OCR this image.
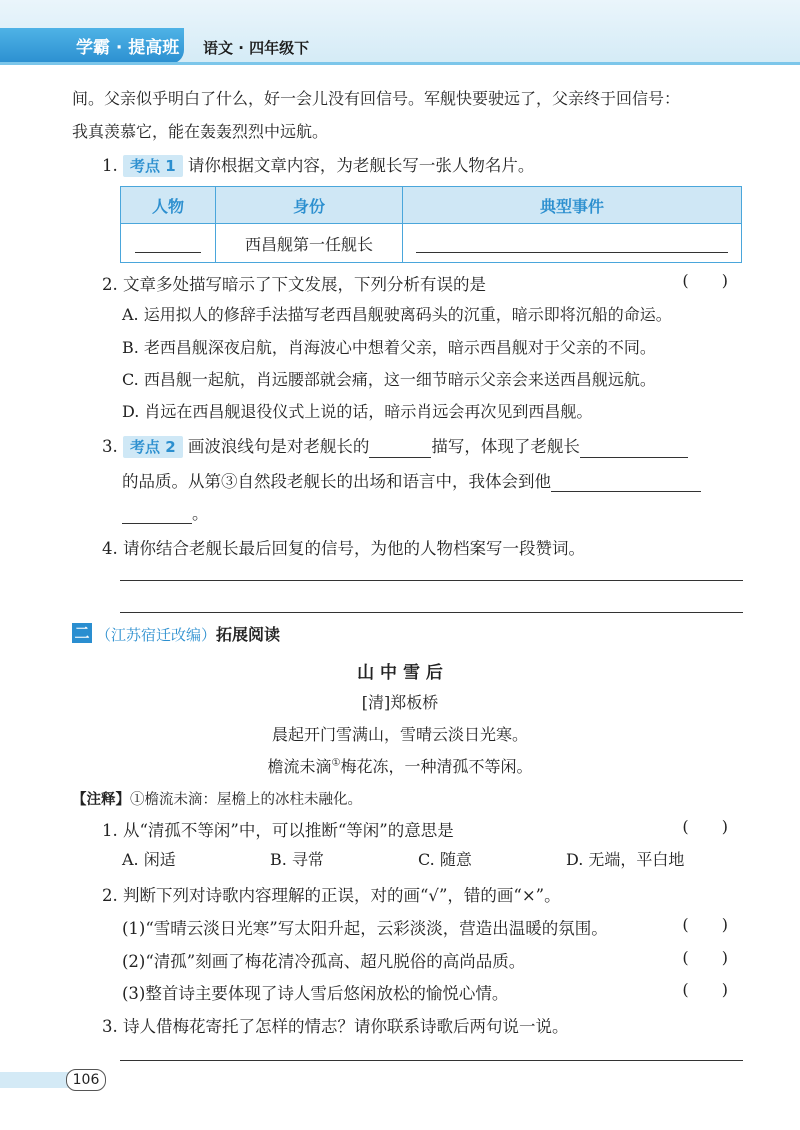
学霸 · 提高班 语文 · 四年级下
间。父亲似乎明白了什么，好一会儿没有回信号。军舰快要驶远了，父亲终于回信号：
我真羡慕它，能在轰轰烈烈中远航。
1. 考点 1 请你根据文章内容，为老舰长写一张人物名片。
人物	身份	典型事件
	西昌舰第一任舰长	
2. 文章多处描写暗示了下文发展，下列分析有误的是	( )
A. 运用拟人的修辞手法描写老西昌舰驶离码头的沉重，暗示即将沉船的命运。
B. 老西昌舰深夜启航，肖海波心中想着父亲，暗示西昌舰对于父亲的不同。
C. 西昌舰一起航，肖远腰部就会痛，这一细节暗示父亲会来送西昌舰远航。
D. 肖远在西昌舰退役仪式上说的话，暗示肖远会再次见到西昌舰。
3. 考点 2 画波浪线句是对老舰长的	描写，体现了老舰长
的品质。从第③自然段老舰长的出场和语言中，我体会到他
。
4. 请你结合老舰长最后回复的信号，为他的人物档案写一段赞词。
二 （江苏宿迁改编）拓展阅读
山 中 雪 后
[清]郑板桥
晨起开门雪满山，雪晴云淡日光寒。
檐流未滴①梅花冻，一种清孤不等闲。
【注释】①檐流未滴：屋檐上的冰柱未融化。
1. 从“清孤不等闲”中，可以推断“等闲”的意思是	( )
A. 闲适	B. 寻常	C. 随意	D. 无端，平白地
2. 判断下列对诗歌内容理解的正误，对的画“√”，错的画“×”。
(1)“雪晴云淡日光寒”写太阳升起，云彩淡淡，营造出温暖的氛围。	( )
(2)“清孤”刻画了梅花清冷孤高、超凡脱俗的高尚品质。	( )
(3)整首诗主要体现了诗人雪后悠闲放松的愉悦心情。	( )
3. 诗人借梅花寄托了怎样的情志？请你联系诗歌后两句说一说。
106
